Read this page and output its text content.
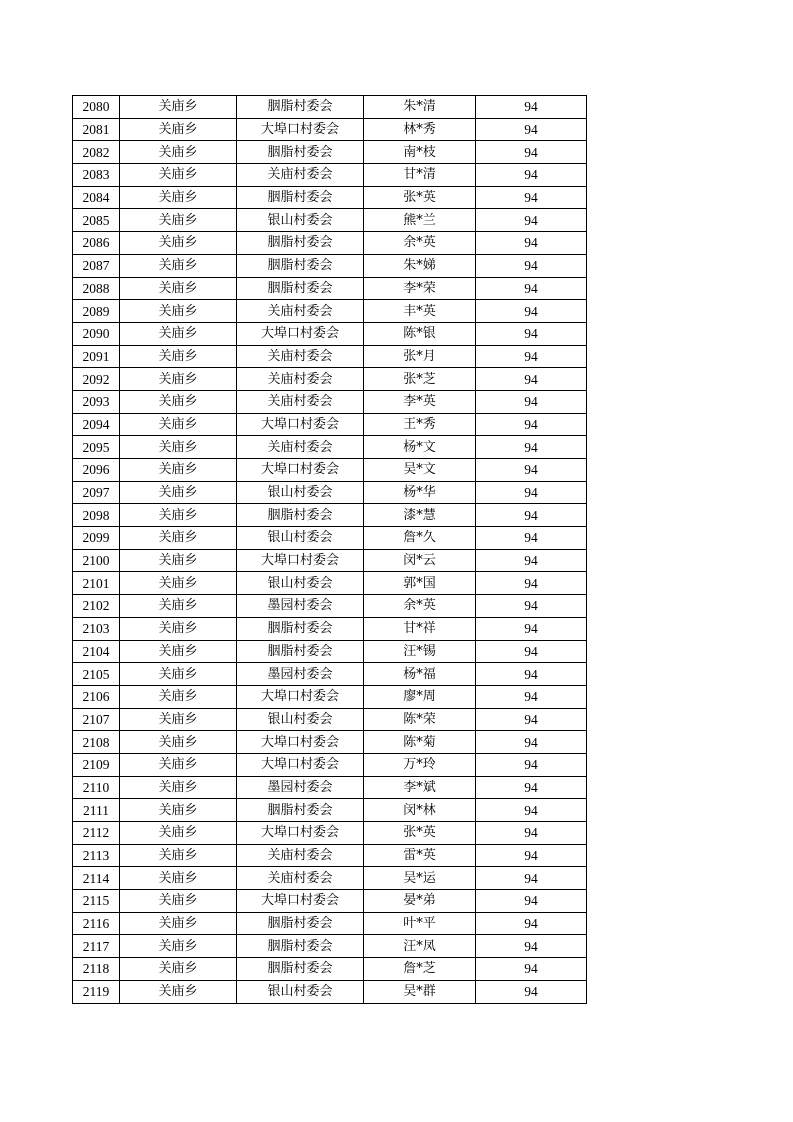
2080	关庙乡	胭脂村委会	朱*清	94
2081	关庙乡	大埠口村委会	林*秀	94
2082	关庙乡	胭脂村委会	南*枝	94
2083	关庙乡	关庙村委会	甘*清	94
2084	关庙乡	胭脂村委会	张*英	94
2085	关庙乡	银山村委会	熊*兰	94
2086	关庙乡	胭脂村委会	余*英	94
2087	关庙乡	胭脂村委会	朱*娣	94
2088	关庙乡	胭脂村委会	李*荣	94
2089	关庙乡	关庙村委会	丰*英	94
2090	关庙乡	大埠口村委会	陈*银	94
2091	关庙乡	关庙村委会	张*月	94
2092	关庙乡	关庙村委会	张*芝	94
2093	关庙乡	关庙村委会	李*英	94
2094	关庙乡	大埠口村委会	王*秀	94
2095	关庙乡	关庙村委会	杨*文	94
2096	关庙乡	大埠口村委会	吴*文	94
2097	关庙乡	银山村委会	杨*华	94
2098	关庙乡	胭脂村委会	漆*慧	94
2099	关庙乡	银山村委会	詹*久	94
2100	关庙乡	大埠口村委会	闵*云	94
2101	关庙乡	银山村委会	郭*国	94
2102	关庙乡	墨园村委会	余*英	94
2103	关庙乡	胭脂村委会	甘*祥	94
2104	关庙乡	胭脂村委会	汪*锡	94
2105	关庙乡	墨园村委会	杨*福	94
2106	关庙乡	大埠口村委会	廖*周	94
2107	关庙乡	银山村委会	陈*荣	94
2108	关庙乡	大埠口村委会	陈*菊	94
2109	关庙乡	大埠口村委会	万*玲	94
2110	关庙乡	墨园村委会	李*斌	94
2111	关庙乡	胭脂村委会	闵*林	94
2112	关庙乡	大埠口村委会	张*英	94
2113	关庙乡	关庙村委会	雷*英	94
2114	关庙乡	关庙村委会	吴*运	94
2115	关庙乡	大埠口村委会	晏*弟	94
2116	关庙乡	胭脂村委会	叶*平	94
2117	关庙乡	胭脂村委会	汪*凤	94
2118	关庙乡	胭脂村委会	詹*芝	94
2119	关庙乡	银山村委会	吴*群	94
